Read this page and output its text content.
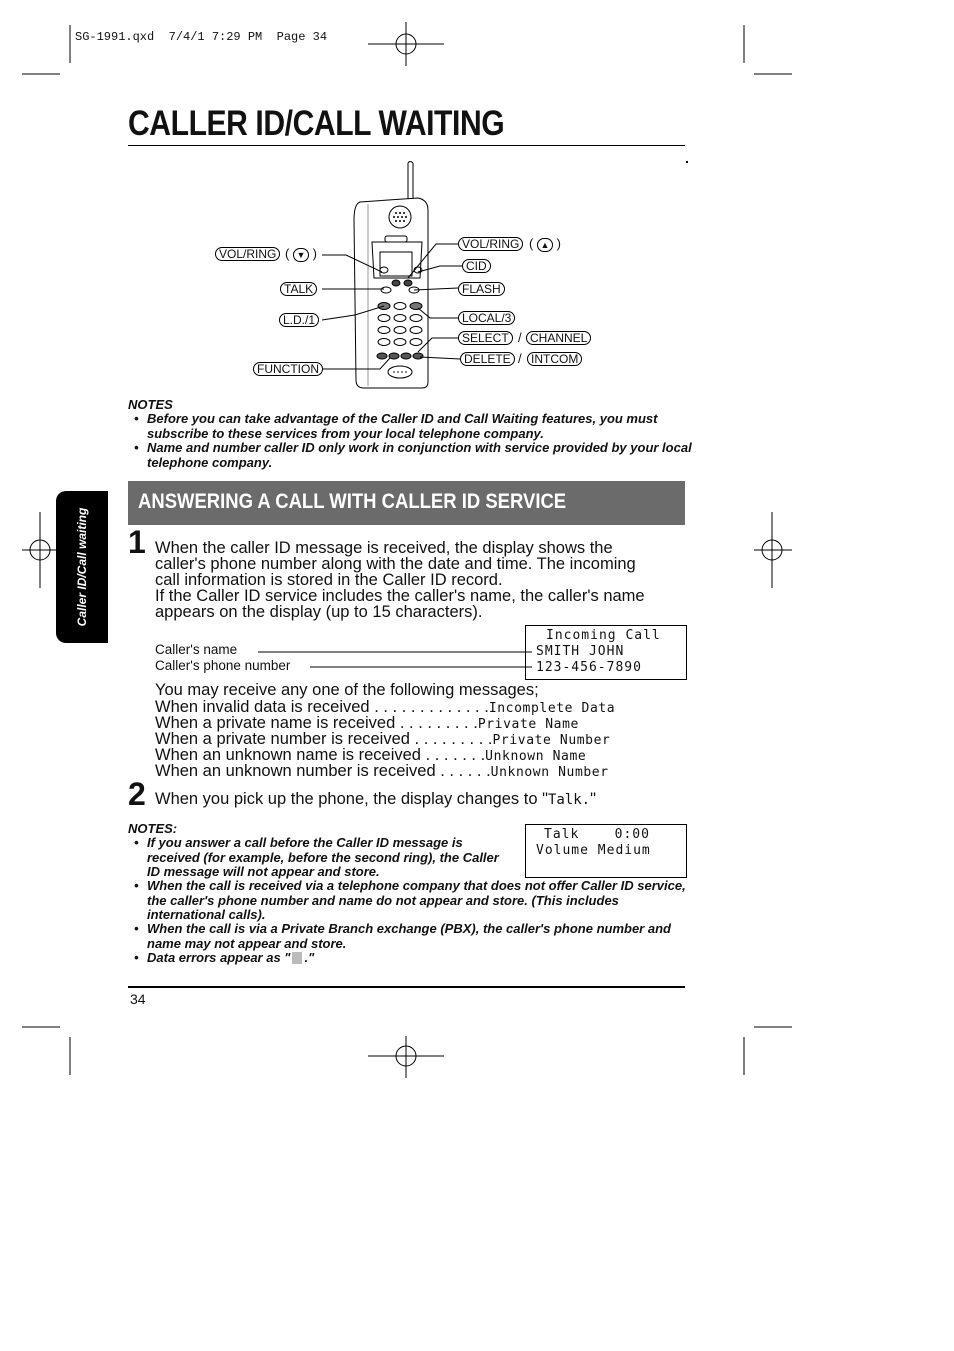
SG-1991.qxd  7/4/1 7:29 PM  Page 34
CALLER ID/CALL WAITING
Caller ID/Call waiting
VOL/RING ( ▼ )
TALK
L.D./1
FUNCTION
VOL/RING ( ▲ )
CID
FLASH
LOCAL/3
SELECT / CHANNEL
DELETE / INTCOM
NOTES
• Before you can take advantage of the Caller ID and Call Waiting features, you must subscribe to these services from your local telephone company.
• Name and number caller ID only work in conjunction with service provided by your local telephone company.
ANSWERING A CALL WITH CALLER ID SERVICE
1 When the caller ID message is received, the display shows the

caller's phone number along with the date and time. The incoming

call information is stored in the Caller ID record.

If the Caller ID service includes the caller's name, the caller's name

appears on the display (up to 15 characters).

Incoming Call
SMITH JOHN
123-456-7890
Caller's name
Caller's phone number
You may receive any one of the following messages;
When invalid data is received . . . . . . . . . . . . .Incomplete Data
When a private name is received . . . . . . . . .Private Name
When a private number is received . . . . . . . . .Private Number
When an unknown name is received . . . . . . .Unknown Name
When an unknown number is received . . . . . .Unknown Number
2 When you pick up the phone, the display changes to "Talk."
Talk    0:00
Volume Medium
NOTES:
• If you answer a call before the Caller ID message is received (for example, before the second ring), the Caller ID message will not appear and store.
• When the call is received via a telephone company that does not offer Caller ID service, the caller's phone number and name do not appear and store. (This includes international calls).
• When the call is via a Private Branch exchange (PBX), the caller's phone number and name may not appear and store.
• Data errors appear as " ."
34
